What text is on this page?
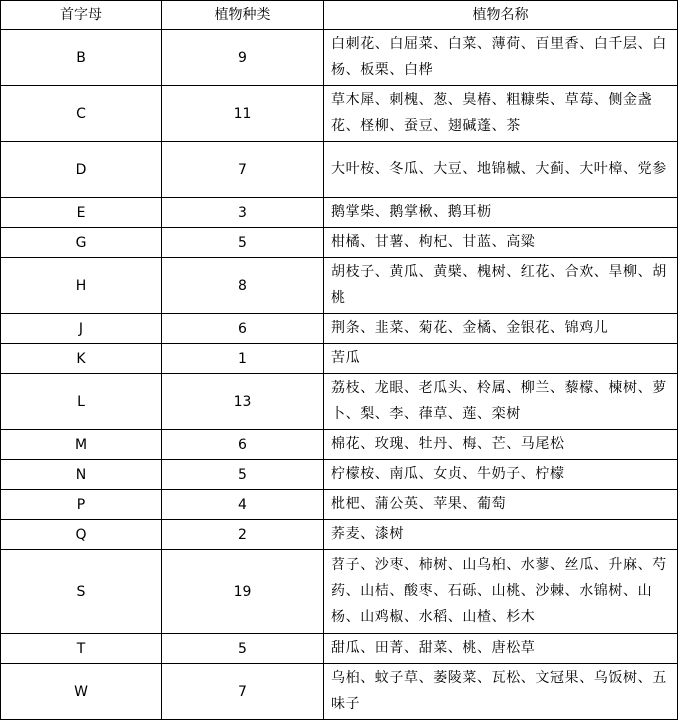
首字母	植物种类	植物名称
B	9	白刺花、白屈菜、白菜、薄荷、百里香、白千层、白杨、板栗、白桦
C	11	草木犀、刺槐、葱、臭椿、粗糠柴、草莓、侧金盏花、柽柳、蚕豆、翅碱蓬、茶
D	7	大叶桉、冬瓜、大豆、地锦槭、大蓟、大叶樟、党参
E	3	鹅掌柴、鹅掌楸、鹅耳枥
G	5	柑橘、甘薯、枸杞、甘蓝、高粱
H	8	胡枝子、黄瓜、黄檗、槐树、红花、合欢、旱柳、胡桃
J	6	荆条、韭菜、菊花、金橘、金银花、锦鸡儿
K	1	苦瓜
L	13	荔枝、龙眼、老瓜头、柃属、柳兰、藜檬、楝树、萝卜、梨、李、葎草、莲、栾树
M	6	棉花、玫瑰、牡丹、梅、芒、马尾松
N	5	柠檬桉、南瓜、女贞、牛奶子、柠檬
P	4	枇杷、蒲公英、苹果、葡萄
Q	2	荞麦、漆树
S	19	苕子、沙枣、柿树、山乌桕、水蓼、丝瓜、升麻、芍药、山桔、酸枣、石砾、山桃、沙棘、水锦树、山杨、山鸡椒、水稻、山楂、杉木
T	5	甜瓜、田菁、甜菜、桃、唐松草
W	7	乌桕、蚊子草、萎陵菜、瓦松、文冠果、乌饭树、五味子
